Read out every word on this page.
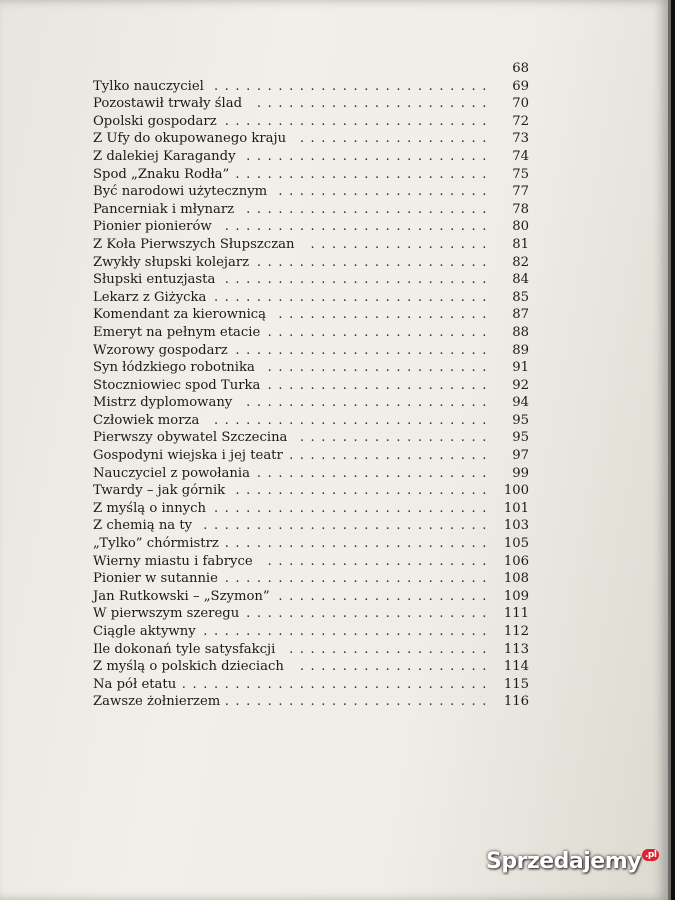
68
..........................
Tylko nauczyciel	69
......................
Pozostawił trwały ślad	70
.........................
Opolski gospodarz	72
..................
Z Ufy do okupowanego kraju	73
.......................
Z dalekiej Karagandy	74
........................
Spod „Znaku Rodła”	75
....................
Być narodowi użytecznym	77
.......................
Pancerniak i młynarz	78
.........................
Pionier pionierów	80
.................
Z Koła Pierwszych Słupszczan	81
......................
Zwykły słupski kolejarz	82
.........................
Słupski entuzjasta	84
..........................
Lekarz z Giżycka	85
....................
Komendant za kierownicą	87
.....................
Emeryt na pełnym etacie	88
........................
Wzorowy gospodarz	89
.....................
Syn łódzkiego robotnika	91
.....................
Stoczniowiec spod Turka	92
.......................
Mistrz dyplomowany	94
..........................
Człowiek morza	95
..................
Pierwszy obywatel Szczecina	95
...................
Gospodyni wiejska i jej teatr	97
......................
Nauczyciel z powołania	99
........................
Twardy – jak górnik	100
..........................
Z myślą o innych	101
...........................
Z chemią na ty	103
.........................
„Tylko” chórmistrz	105
.....................
Wierny miastu i fabryce	106
.........................
Pionier w sutannie	108
....................
Jan Rutkowski – „Szymon”	109
.......................
W pierwszym szeregu	111
...........................
Ciągle aktywny	112
...................
Ile dokonań tyle satysfakcji	113
..................
Z myślą o polskich dzieciach	114
.............................
Na pół etatu	115
.........................
Zawsze żołnierzem	116
Sprzedajemy .pl
